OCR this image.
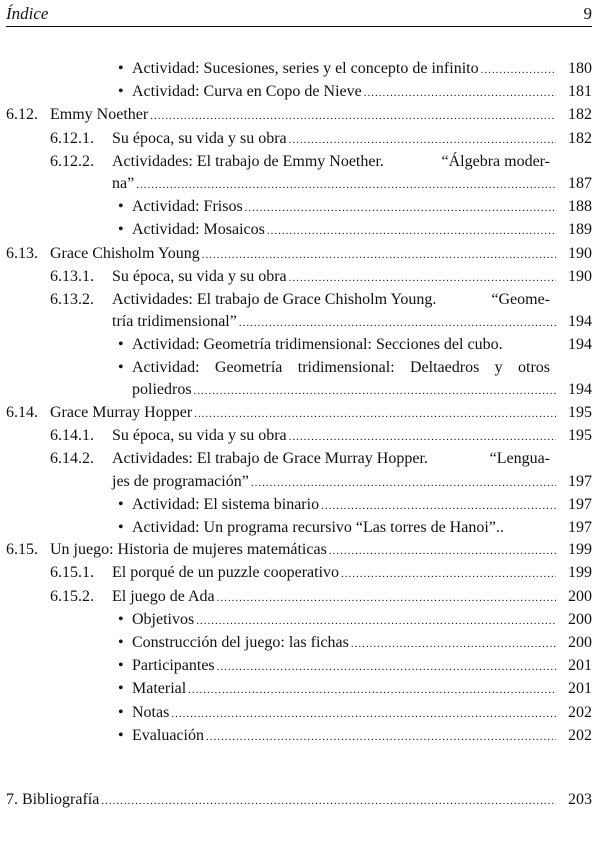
Índice	9
• Actividad: Sucesiones, series y el concepto de infinito .....	180
• Actividad: Curva en Copo de Nieve .....	181
6.12. Emmy Noether .....	182
6.12.1.	Su época, su vida y su obra .....	182
6.12.2.	Actividades: El trabajo de Emmy Noether.	“Álgebra moder-
na” .....	187
• Actividad: Frisos .....	188
• Actividad: Mosaicos .....	189
6.13. Grace Chisholm Young .....	190
6.13.1.	Su época, su vida y su obra .....	190
6.13.2.	Actividades: El trabajo de Grace Chisholm Young.	“Geome-
tría tridimensional” .....	194
• Actividad: Geometría tridimensional: Secciones del cubo.	194
• Actividad: Geometría tridimensional: Deltaedros y otros
poliedros .....	194
6.14. Grace Murray Hopper .....	195
6.14.1.	Su época, su vida y su obra .....	195
6.14.2.	Actividades: El trabajo de Grace Murray Hopper.	“Lengua-
jes de programación” .....	197
• Actividad: El sistema binario .....	197
• Actividad: Un programa recursivo “Las torres de Hanoi”..	197
6.15. Un juego: Historia de mujeres matemáticas .....	199
6.15.1.	El porqué de un puzzle cooperativo .....	199
6.15.2.	El juego de Ada .....	200
• Objetivos .....	200
• Construcción del juego: las fichas .....	200
• Participantes .....	201
• Material .....	201
• Notas .....	202
• Evaluación .....	202
7. Bibliografía .....	203
